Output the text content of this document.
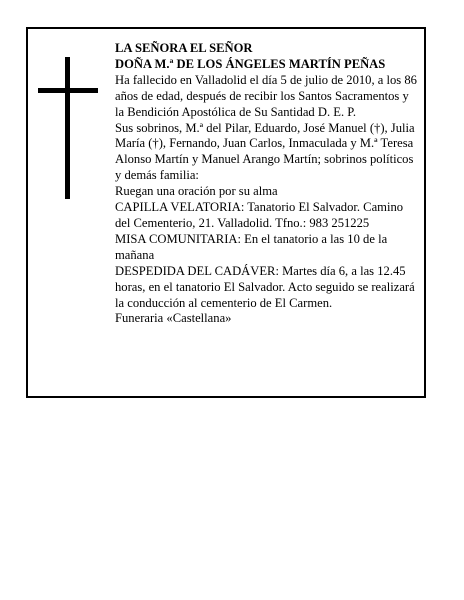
LA SEÑORA EL SEÑOR

DOÑA M.ª DE LOS ÁNGELES MARTÍN PEÑAS

Ha fallecido en Valladolid el día 5 de julio de 2010, a los 86 años de edad, después de recibir los Santos Sacramentos y la Bendición Apostólica de Su Santidad D. E. P.

Sus sobrinos, M.ª del Pilar, Eduardo, José Manuel (†), Julia María (†), Fernando, Juan Carlos, Inmaculada y M.ª Teresa Alonso Martín y Manuel Arango Martín; sobrinos políticos y demás familia:

Ruegan una oración por su alma

CAPILLA VELATORIA: Tanatorio El Salvador. Camino del Cementerio, 21. Valladolid. Tfno.: 983 251225

MISA COMUNITARIA: En el tanatorio a las 10 de la mañana

DESPEDIDA DEL CADÁVER: Martes día 6, a las 12.45 horas, en el tanatorio El Salvador. Acto seguido se realizará la conducción al cementerio de El Carmen.

Funeraria «Castellana»
